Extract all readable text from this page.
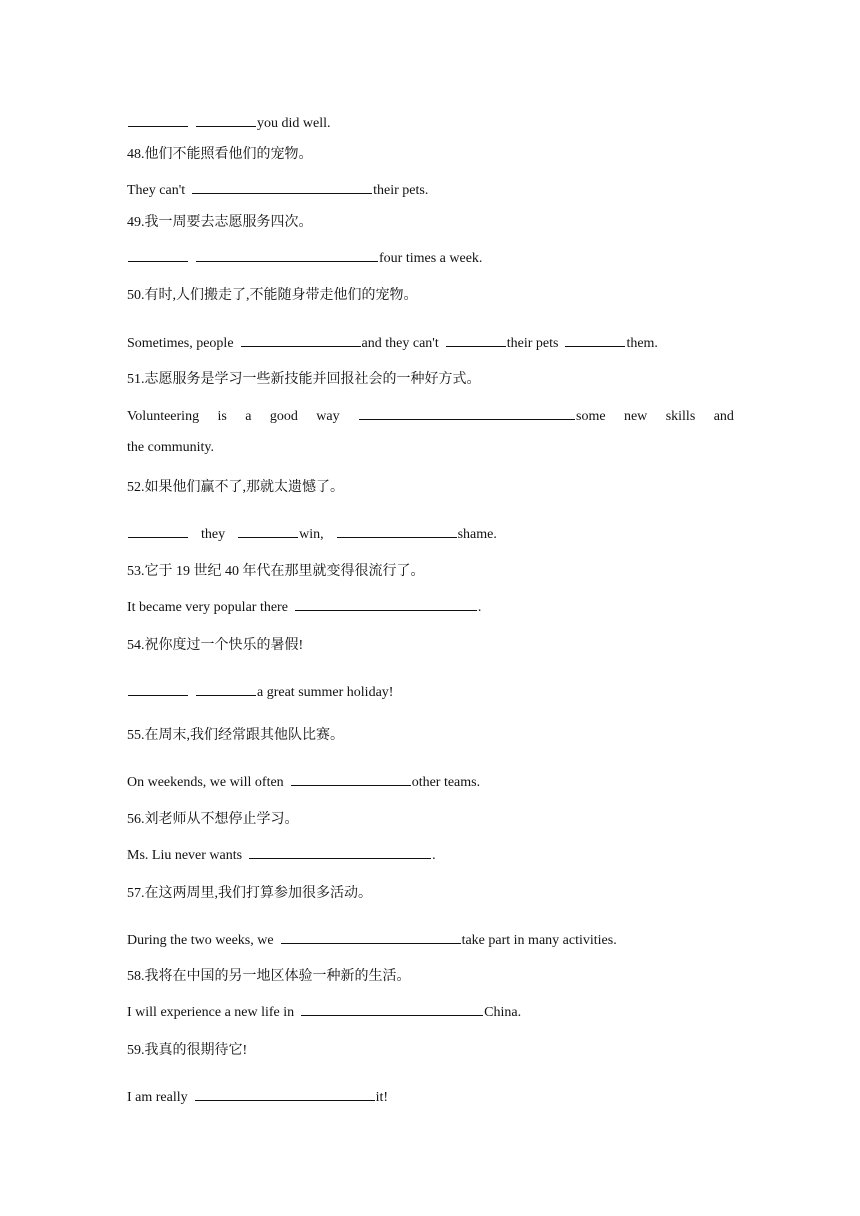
you did well.
48.他们不能照看他们的宠物。
They can't	their pets.
49.我一周要去志愿服务四次。
four times a week.
50.有时,人们搬走了,不能随身带走他们的宠物。
Sometimes, people	and they can't	their pets	them.
51.志愿服务是学习一些新技能并回报社会的一种好方式。
Volunteering is a good way	some new skills and
the community.
52.如果他们赢不了,那就太遗憾了。
they	win,	shame.
53.它于 19 世纪 40 年代在那里就变得很流行了。
It became very popular there	.
54.祝你度过一个快乐的暑假!
a great summer holiday!
55.在周末,我们经常跟其他队比赛。
On weekends, we will often	other teams.
56.刘老师从不想停止学习。
Ms. Liu never wants	.
57.在这两周里,我们打算参加很多活动。
During the two weeks, we	take part in many activities.
58.我将在中国的另一地区体验一种新的生活。
I will experience a new life in	China.
59.我真的很期待它!
I am really	it!
